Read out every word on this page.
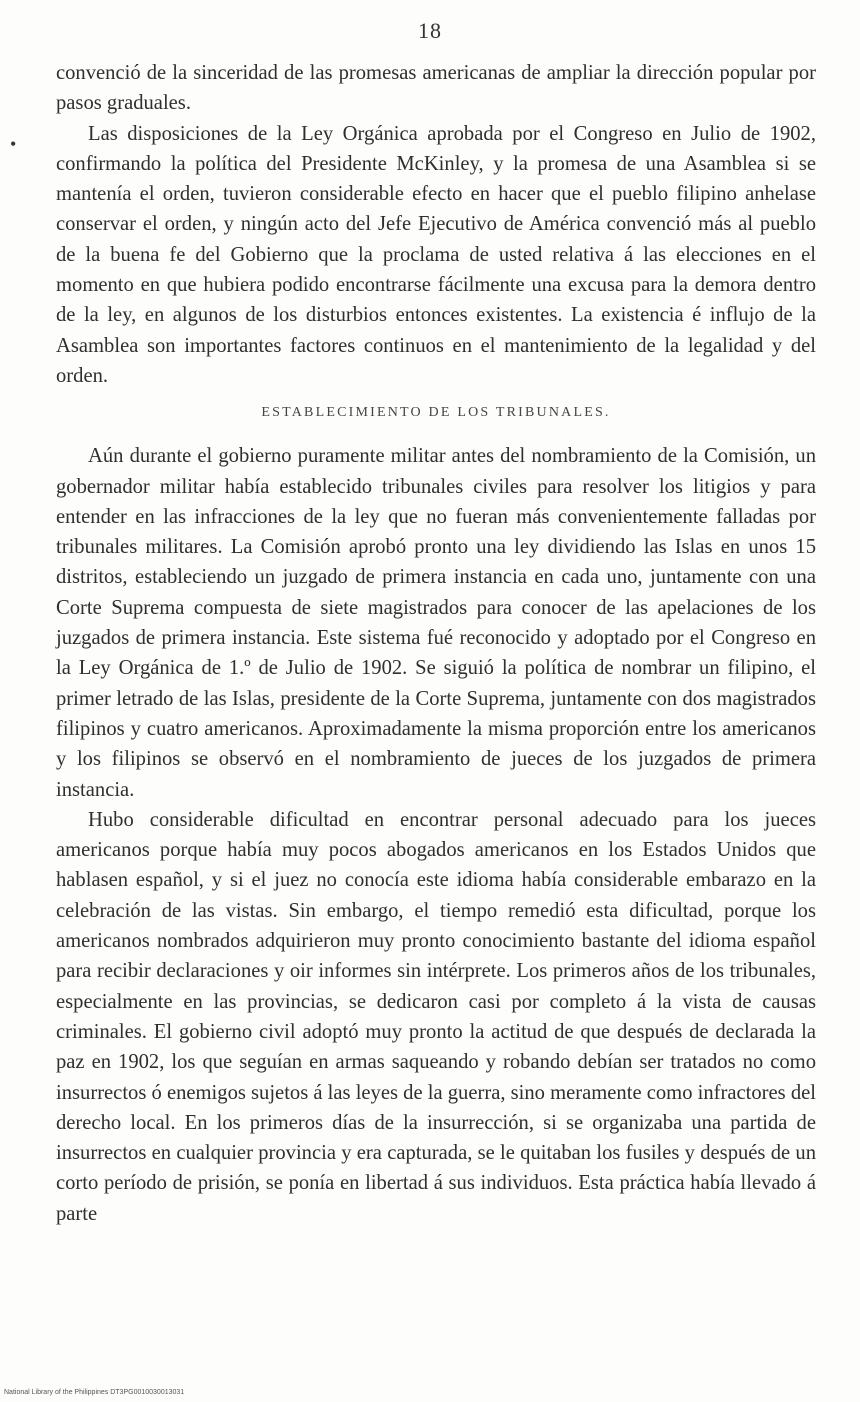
18
•

convenció de la sinceridad de las promesas americanas de ampliar la dirección popular por pasos graduales.

Las disposiciones de la Ley Orgánica aprobada por el Congreso en Julio de 1902, confirmando la política del Presidente McKinley, y la promesa de una Asamblea si se mantenía el orden, tuvieron considerable efecto en hacer que el pueblo filipino anhelase conservar el orden, y ningún acto del Jefe Ejecutivo de América convenció más al pueblo de la buena fe del Gobierno que la proclama de usted relativa á las elecciones en el momento en que hubiera podido encontrarse fácilmente una excusa para la demora dentro de la ley, en algunos de los disturbios entonces existentes. La existencia é influjo de la Asamblea son importantes factores continuos en el mantenimiento de la legalidad y del orden.

ESTABLECIMIENTO DE LOS TRIBUNALES.

Aún durante el gobierno puramente militar antes del nombramiento de la Comisión, un gobernador militar había establecido tribunales civiles para resolver los litigios y para entender en las infracciones de la ley que no fueran más convenientemente falladas por tribunales militares. La Comisión aprobó pronto una ley dividiendo las Islas en unos 15 distritos, estableciendo un juzgado de primera instancia en cada uno, juntamente con una Corte Suprema compuesta de siete magistrados para conocer de las apelaciones de los juzgados de primera instancia. Este sistema fué reconocido y adoptado por el Congreso en la Ley Orgánica de 1.º de Julio de 1902. Se siguió la política de nombrar un filipino, el primer letrado de las Islas, presidente de la Corte Suprema, juntamente con dos magistrados filipinos y cuatro americanos. Aproximadamente la misma proporción entre los americanos y los filipinos se observó en el nombramiento de jueces de los juzgados de primera instancia.

Hubo considerable dificultad en encontrar personal adecuado para los jueces americanos porque había muy pocos abogados americanos en los Estados Unidos que hablasen español, y si el juez no conocía este idioma había considerable embarazo en la celebración de las vistas. Sin embargo, el tiempo remedió esta dificultad, porque los americanos nombrados adquirieron muy pronto conocimiento bastante del idioma español para recibir declaraciones y oir informes sin intérprete. Los primeros años de los tribunales, especialmente en las provincias, se dedicaron casi por completo á la vista de causas criminales. El gobierno civil adoptó muy pronto la actitud de que después de declarada la paz en 1902, los que seguían en armas saqueando y robando debían ser tratados no como insurrectos ó enemigos sujetos á las leyes de la guerra, sino meramente como infractores del derecho local. En los primeros días de la insurrección, si se organizaba una partida de insurrectos en cualquier provincia y era capturada, se le quitaban los fusiles y después de un corto período de prisión, se ponía en libertad á sus individuos. Esta práctica había llevado á parte

National Library of the Philippines DT3PG0010030013031
